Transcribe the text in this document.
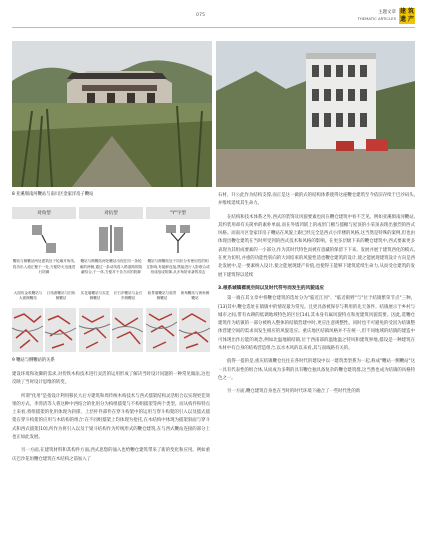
075
主题文章
THEMATIC ARTICLES
建 筑
遗 产
8 亚溪嶺南河鞭站与南川区金家洋房子鞭站
对角型	对抗型	"Y"字型
鞭站与侧鞭站两处建筑处于轮廓对角线,将各出入道汇聚于一处,方便防火迅速进行防御
鞭站与侧鞭站两处鞭站出现在同一条轮廓的两侧,通过一条动线将入路道路的隐蔽结合,于一体,方便对于各方向的防御
鞭站与侧鞭站处于同状分布使用性的相互影响,有能够连接,既能进行入影联合或形成组成防御,从多角防来袭的攻击
大面有金收鞭站与大面侧鞭站
日伟游鞭站与旧伟侧鞭站
实花墙鞭站与实花侧鞭站
长石乡鞭站与金石乡侧鞭站
骆景墙鞭站与骆景侧鞭站
黄角鞭站与黄角侧鞭站
9 鞭站与侧鞭站的关系

建设环境和攻御的需求,对侍铁木构技术进行灵活的运用形成了解决当时设计问题的一种常见做法,这也反映了当时设计思维的转变。

所谓"化用"是指设计利用移民大后方建筑和周传统木构技术与西式擂架结构灵活组合以实现更佳效果的方式。李湾清等人将这种中西结合的化用分为构组擂架与不构组擂架等两个类型。而从构件和特点上来看,将组擂架的化用体现为斜撑、上层杆件部件在穿斗构架中的运用与穿斗构架的引入以及擂式擂架在穿斗构架的应用与木结构的组合:在不同组擂架上均体现为抢托,在木结构中体现为擂架斜面与穿斗式和西式擂架[10],所作为将引入以及于梁斗结构作为传统形式的鞭仓建筑,在与西式鞭站连接的部分上也正如此发展。

另一方面,在建筑材料和其构件方面,西式思想的涌入也给鞭仓建筑带来了新的变化和应用。例如重庆巴沙花垣鞭仓建筑在木结构之前加入了

石材、开公此作为结构支撑,而正是这一做的式的结构体系使得这座鞭仓建筑至今依旧存续于巴沙码头,并维续延续其生命力。

在结构和技术体系之外,西式的装饰及风貌要素也问在鞭仓建筑中看不乏见。例如亚溪嶺南河鞭站,其约装用却有关简单的素朴单面,而在外墙凹嵌上的成形门楣与擂楣与屋顶的小采顶表现出强烈的西式风格。而南川区金家洋房子鞭站在风貌上跟已经完全是西式小洋楼的风格,这当然是特殊的案例,但也由体现出鞭仓建筑在当时所受到的西式技术和风格的影响。在更多层级下来的鞭仓建筑中,西式要素更多表现为其组成要素的一小部分,作为其时代特色而被有意藏的保留下下来。发展并展于建筑西化的模式,在更为切用,并重的功能性转向的大同结束的风貌性适也鞭仓建筑的设计,使之能展现建筑设计方向是西北发展中,是一要素纳入设计,使之能展现建产价值,也使得王能够下建筑延续生命力,从而受仓建筑的发展下建筑得以延续

3.根系城镇襟观空间以及时代符号而发生的风貌适应

第一端在其文章中将鞭仓建筑的选址分为"临近江河"、"临近街野"与"位于结镇繁荣节点"三种。[13]其中,鞭仓选址在镇镇中的情况最为常见。且更具备被保存与利用的先天条件。结镇展示于乡村与城市之间,带有农耕的低调地域特色的区位[14],其本身有属风貌特点和度建筑风貌需要。因此,选鞭仓建筑作为结镇的一部分被纳入整体的结镇营建中时,更应注意规整性。同时也不可避免的受因为结镇整体营建空间的需求而发生相应的风貌适应。重庆地区结镇风格并不在统一,但不同地域的结镇的建造中可体现出作后能的观念,例如北温地镇结镇,位于西南部的温地温之特风和建筑界地,擂设是一种建筑在木材中有自身的结构营造组合,以水木风的以来看,其与南线路有关的。

值得一提的是,重庆结镇鞭仓往往在各时代的建设中以一建筑类型系为一起,称成"鞭站一侧鞭站"这一具有代表性的组合体,从而成为多利的具有鞭仓独具备复杂的鞭仓建筑群,这当然也成为结镇的风格特色之一。

另一方面,鞭仓建筑自身也在当时的时代环境下融合了一些时代性的新
